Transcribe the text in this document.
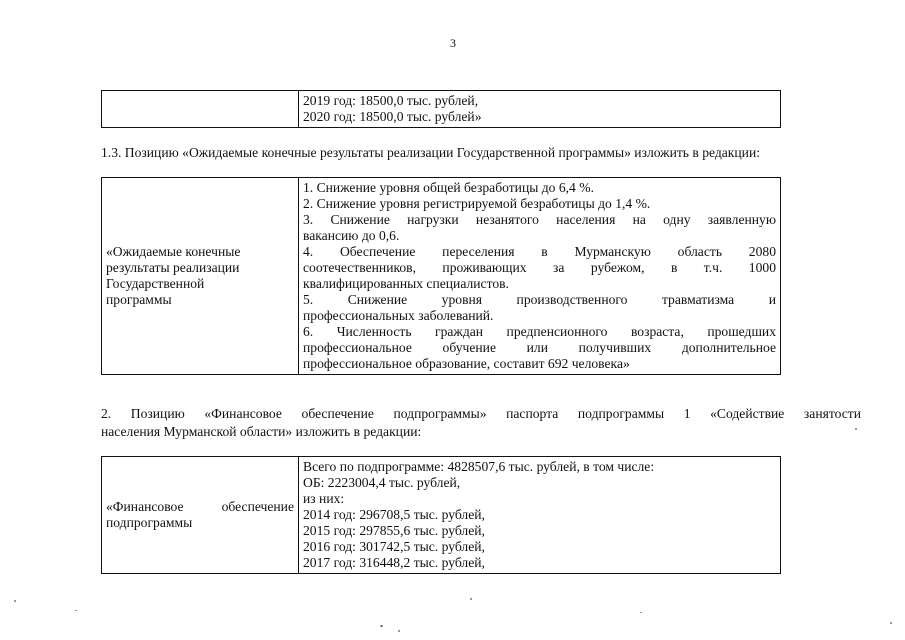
3

2019 год: 18500,0 тыс. рублей,
2020 год: 18500,0 тыс. рублей»
1.3. Позицию «Ожидаемые конечные результаты реализации Государственной программы» изложить в редакции:
«Ожидаемые конечные
результаты реализации
Государственной
программы

1. Снижение уровня общей безработицы до 6,4 %.
2. Снижение уровня регистрируемой безработицы до 1,4 %.
3. Снижение нагрузки незанятого населения на одну заявленную
вакансию до 0,6.
4. Обеспечение переселения в Мурманскую область 2080
соотечественников, проживающих за рубежом, в т.ч. 1000
квалифицированных специалистов.
5. Снижение уровня производственного травматизма и
профессиональных заболеваний.
6. Численность граждан предпенсионного возраста, прошедших
профессиональное обучение или получивших дополнительное
профессиональное образование, составит 692 человека»
2. Позицию «Финансовое обеспечение подпрограммы» паспорта подпрограммы 1 «Содействие занятости
населения Мурманской области» изложить в редакции:
«Финансовое обеспечение
подпрограммы

Всего по подпрограмме: 4828507,6 тыс. рублей, в том числе:
ОБ: 2223004,4 тыс. рублей,
из них:
2014 год: 296708,5 тыс. рублей,
2015 год: 297855,6 тыс. рублей,
2016 год: 301742,5 тыс. рублей,
2017 год: 316448,2 тыс. рублей,
